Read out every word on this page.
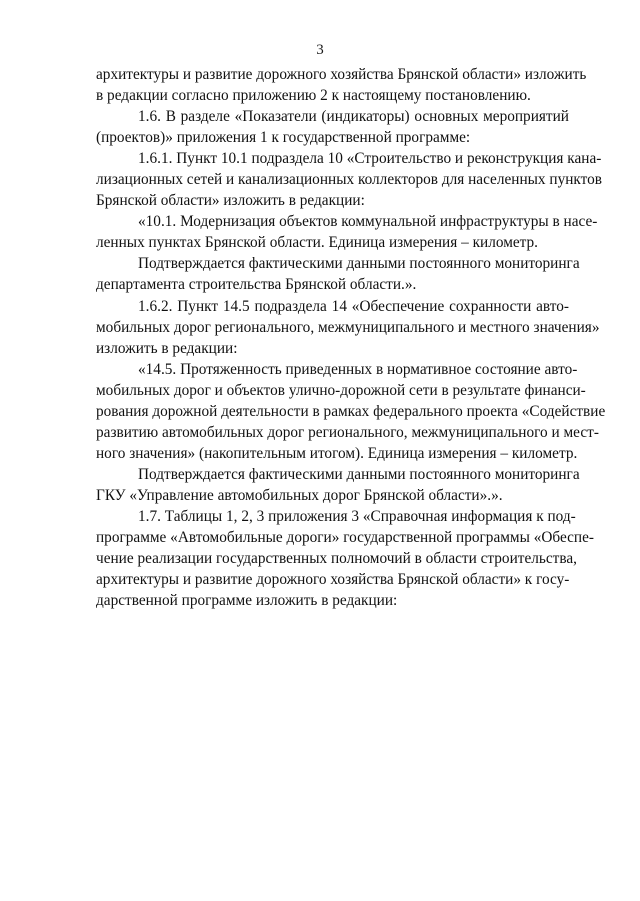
3
архитектуры и развитие дорожного хозяйства Брянской области» изложить
в редакции согласно приложению 2 к настоящему постановлению.
1.6. В разделе «Показатели (индикаторы) основных мероприятий
(проектов)» приложения 1 к государственной программе:
1.6.1. Пункт 10.1 подраздела 10 «Строительство и реконструкция кана-
лизационных сетей и канализационных коллекторов для населенных пунктов
Брянской области» изложить в редакции:
«10.1. Модернизация объектов коммунальной инфраструктуры в насе-
ленных пунктах Брянской области. Единица измерения – километр.
Подтверждается фактическими данными постоянного мониторинга
департамента строительства Брянской области.».
1.6.2. Пункт 14.5 подраздела 14 «Обеспечение сохранности авто-
мобильных дорог регионального, межмуниципального и местного значения»
изложить в редакции:
«14.5. Протяженность приведенных в нормативное состояние авто-
мобильных дорог и объектов улично-дорожной сети в результате финанси-
рования дорожной деятельности в рамках федерального проекта «Содействие
развитию автомобильных дорог регионального, межмуниципального и мест-
ного значения» (накопительным итогом). Единица измерения – километр.
Подтверждается фактическими данными постоянного мониторинга
ГКУ «Управление автомобильных дорог Брянской области».».
1.7. Таблицы 1, 2, 3 приложения 3 «Справочная информация к под-
программе «Автомобильные дороги» государственной программы «Обеспе-
чение реализации государственных полномочий в области строительства,
архитектуры и развитие дорожного хозяйства Брянской области» к госу-
дарственной программе изложить в редакции:
